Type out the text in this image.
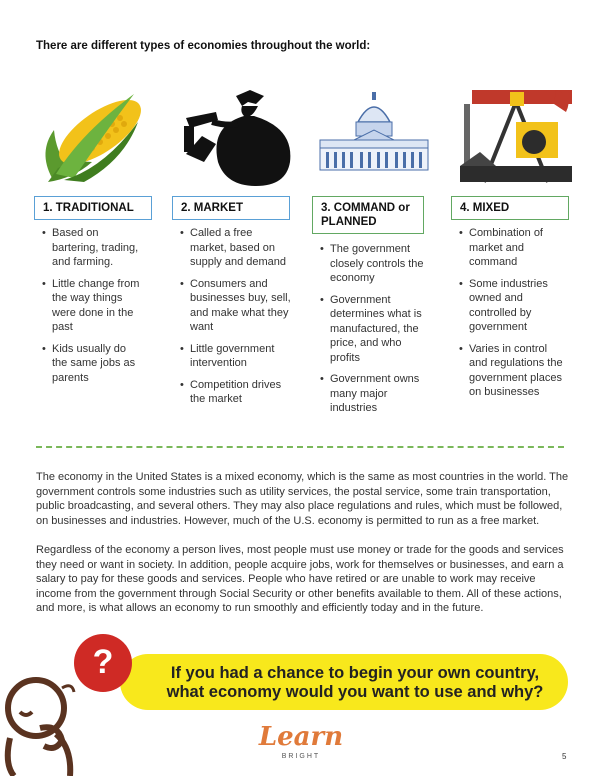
There are different types of economies throughout the world:
1. TRADITIONAL	2. MARKET	3. COMMAND or PLANNED
4. MIXED
• Based on bartering, trading, and farming.
• Little change from the way things were done in the past
• Kids usually do the same jobs as parents
• Called a free market, based on supply and demand
• Consumers and businesses buy, sell, and make what they want
• Little government intervention
• Competition drives the market
• The government closely controls the economy
• Government determines what is manufactured, the price, and who profits
• Government owns many major industries
• Combination of market and command
• Some industries owned and controlled by government
• Varies in control and regulations the government places on businesses

The economy in the United States is a mixed economy, which is the same as most countries in the world. The government controls some industries such as utility services, the postal service, some train transportation, public broadcasting, and several others. They may also place regulations and rules, which must be followed, on businesses and industries. However, much of the U.S. economy is permitted to run as a free market.

Regardless of the economy a person lives, most people must use money or trade for the goods and services they need or want in society. In addition, people acquire jobs, work for themselves or businesses, and earn a salary to pay for these goods and services. People who have retired or are unable to work may receive income from the government through Social Security or other benefits available to them. All of these actions, and more, is what allows an economy to run smoothly and efficiently today and in the future.

If you had a chance to begin your own country,
what economy would you want to use and why?
?
Learn
BRIGHT	5
